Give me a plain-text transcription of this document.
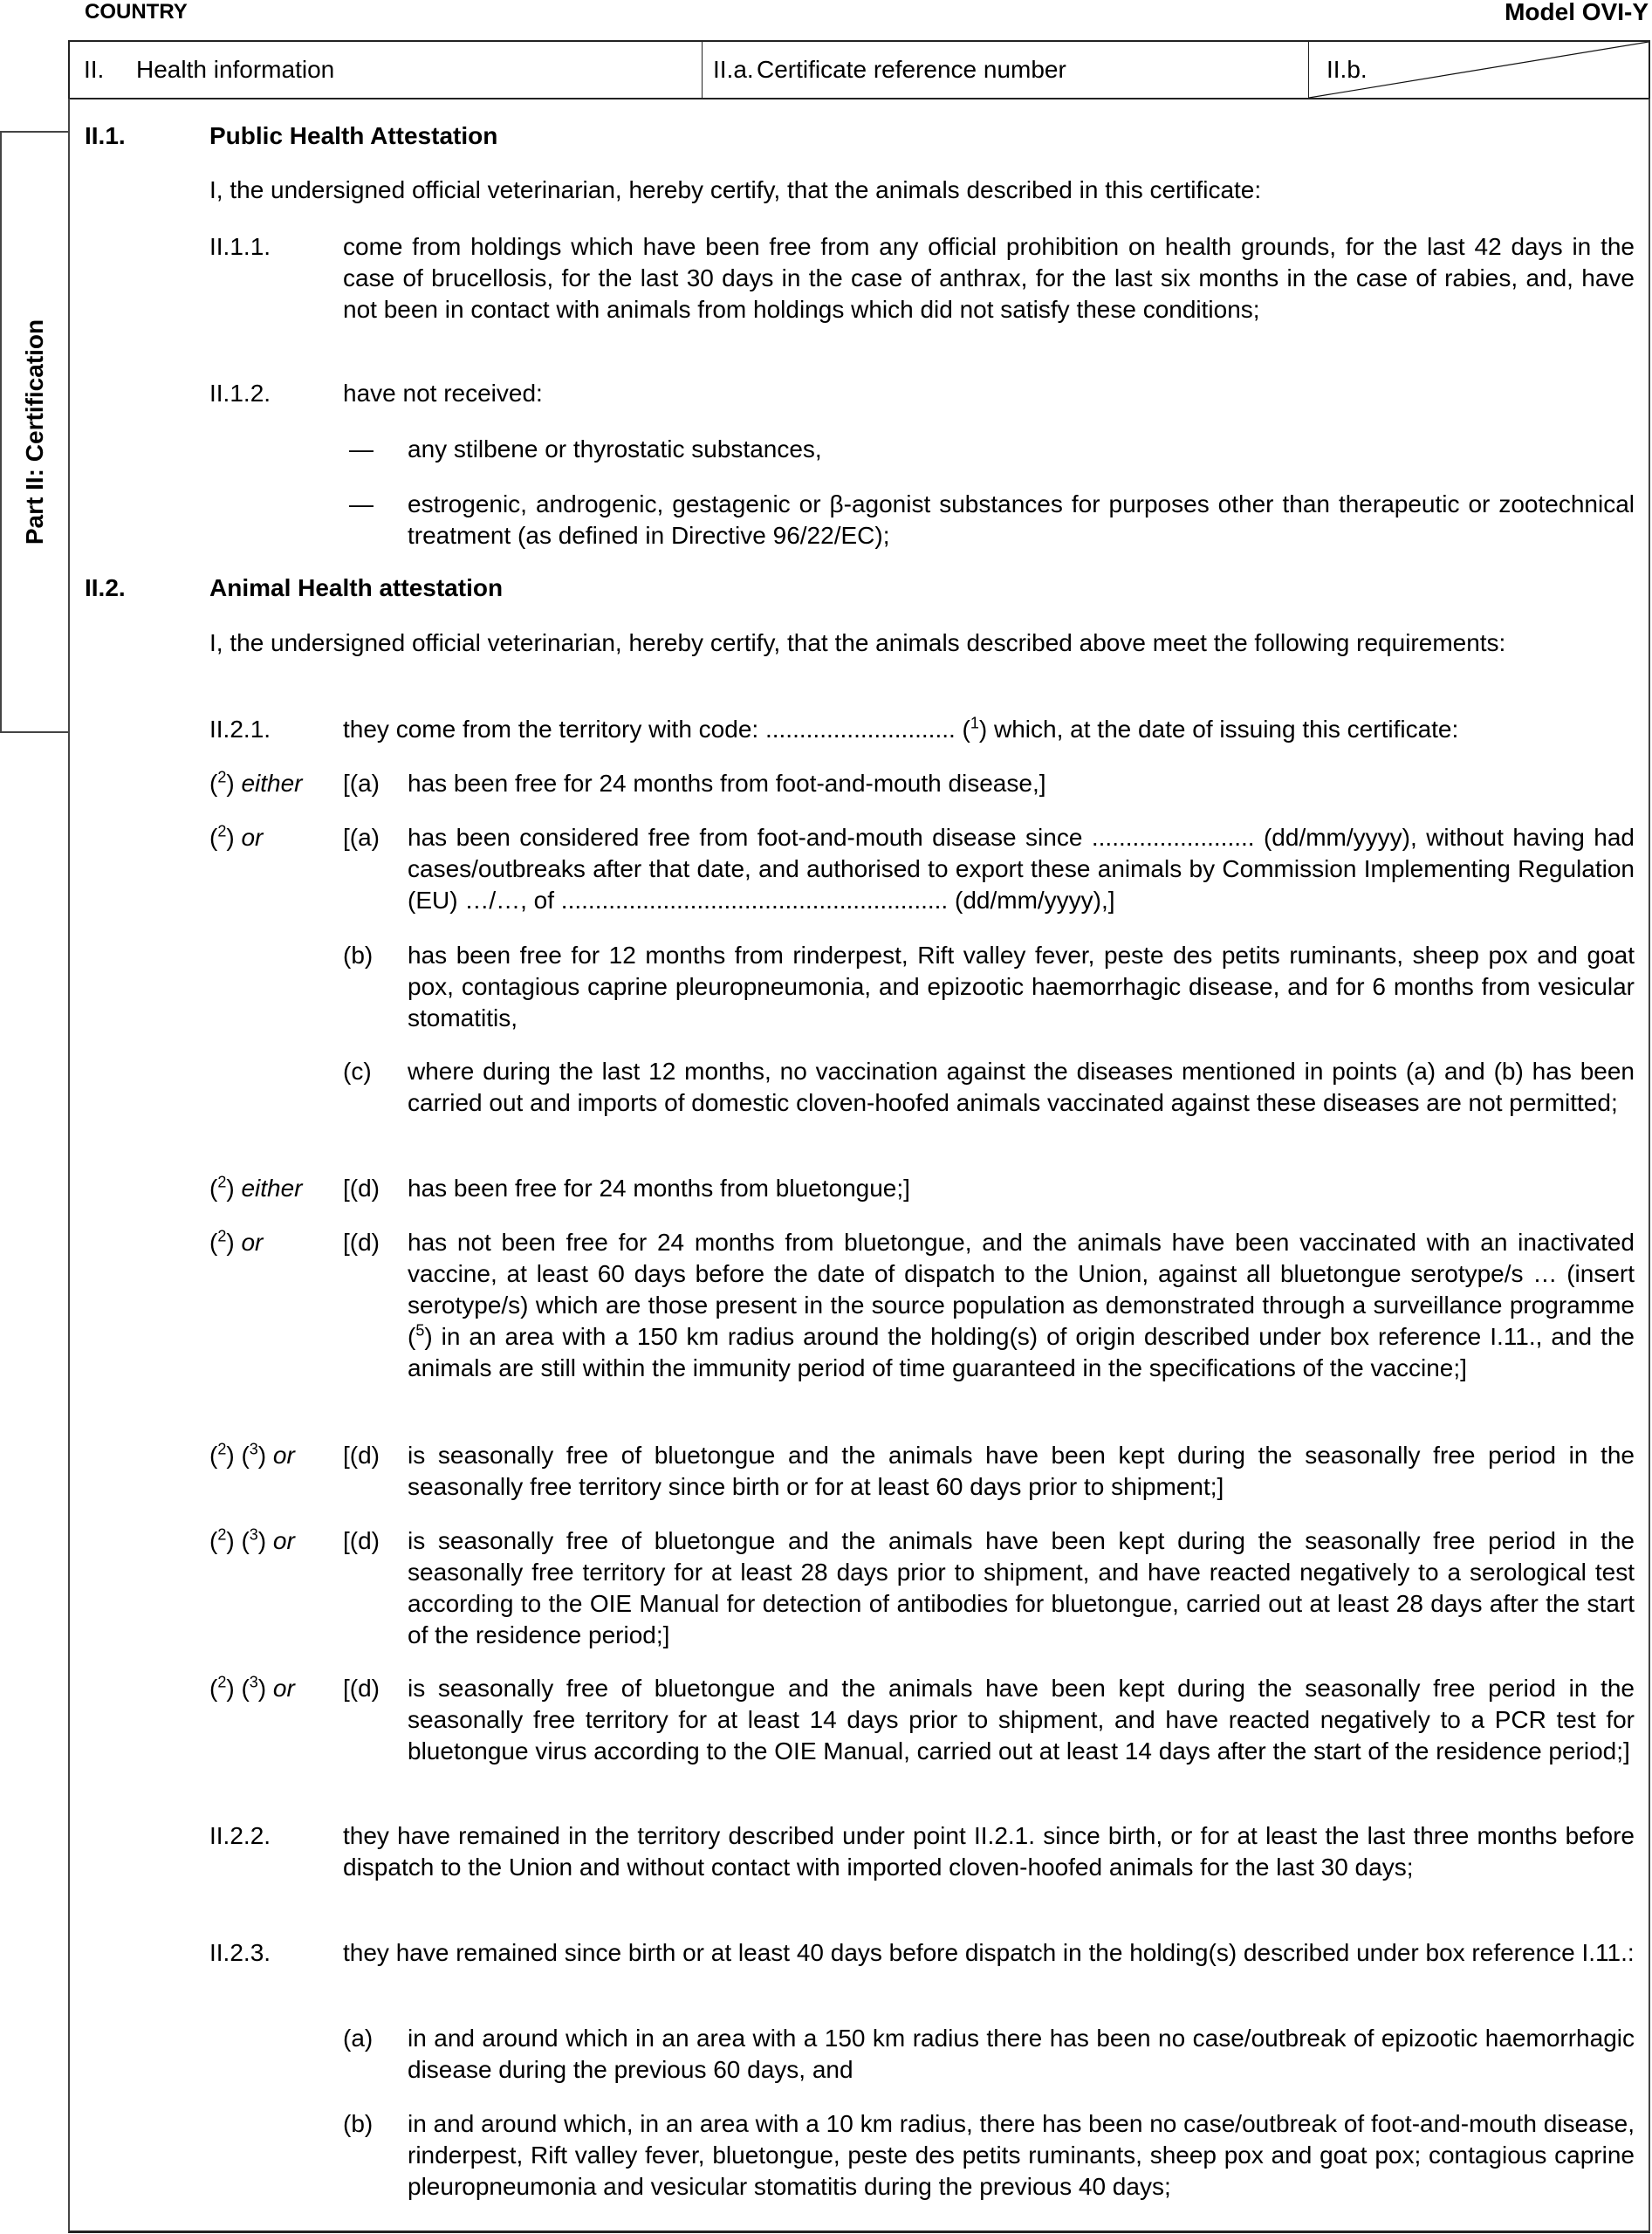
COUNTRY	Model OVI-Y
II.	Health information	II.a. Certificate reference number	II.b.
Part II: Certification
II.1.	Public Health Attestation
I, the undersigned official veterinarian, hereby certify, that the animals described in this certificate:
II.1.1.	come from holdings which have been free from any official prohibition on health grounds, for the last 42 days in the case of brucellosis, for the last 30 days in the case of anthrax, for the last six months in the case of rabies, and, have not been in contact with animals from holdings which did not satisfy these conditions;
II.1.2.	have not received:
— any stilbene or thyrostatic substances,
— estrogenic, androgenic, gestagenic or β-agonist substances for purposes other than therapeutic or zootechnical treatment (as defined in Directive 96/22/EC);
II.2.	Animal Health attestation
I, the undersigned official veterinarian, hereby certify, that the animals described above meet the following requirements:
II.2.1.	they come from the territory with code: ............................ ($^1$) which, at the date of issuing this certificate:
($^2$) either [(a) has been free for 24 months from foot-and-mouth disease,]
($^2$) or	[(a) has been considered free from foot-and-mouth disease since ........................ (dd/mm/yyyy), without having had cases/outbreaks after that date, and authorised to export these animals by Commission Implementing Regulation (EU) …/…, of ......................................................... (dd/mm/yyyy),]
(b) has been free for 12 months from rinderpest, Rift valley fever, peste des petits ruminants, sheep pox and goat pox, contagious caprine pleuropneumonia, and epizootic haemorrhagic disease, and for 6 months from vesicular stomatitis,
(c) where during the last 12 months, no vaccination against the diseases mentioned in points (a) and (b) has been carried out and imports of domestic cloven-hoofed animals vaccinated against these diseases are not permitted;
($^2$) either [(d) has been free for 24 months from bluetongue;]
($^2$) or	[(d) has not been free for 24 months from bluetongue, and the animals have been vaccinated with an inactivated vaccine, at least 60 days before the date of dispatch to the Union, against all bluetongue serotype/s … (insert serotype/s) which are those present in the source population as demonstrated through a surveillance programme ($^5$) in an area with a 150 km radius around the holding(s) of origin described under box reference I.11., and the animals are still within the immunity period of time guaranteed in the specifications of the vaccine;]
($^2$) ($^3$) or [(d) is seasonally free of bluetongue and the animals have been kept during the seasonally free period in the seasonally free territory since birth or for at least 60 days prior to shipment;]
($^2$) ($^3$) or [(d) is seasonally free of bluetongue and the animals have been kept during the seasonally free period in the seasonally free territory for at least 28 days prior to shipment, and have reacted negatively to a serological test according to the OIE Manual for detection of antibodies for bluetongue, carried out at least 28 days after the start of the residence period;]
($^2$) ($^3$) or [(d) is seasonally free of bluetongue and the animals have been kept during the seasonally free period in the seasonally free territory for at least 14 days prior to shipment, and have reacted negatively to a PCR test for bluetongue virus according to the OIE Manual, carried out at least 14 days after the start of the residence period;]
II.2.2.	they have remained in the territory described under point II.2.1. since birth, or for at least the last three months before dispatch to the Union and without contact with imported cloven-hoofed animals for the last 30 days;
II.2.3.	they have remained since birth or at least 40 days before dispatch in the holding(s) described under box reference I.11.:
(a) in and around which in an area with a 150 km radius there has been no case/outbreak of epizootic haemorrhagic disease during the previous 60 days, and
(b) in and around which, in an area with a 10 km radius, there has been no case/outbreak of foot-and-mouth disease, rinderpest, Rift valley fever, bluetongue, peste des petits ruminants, sheep pox and goat pox; contagious caprine pleuropneumonia and vesicular stomatitis during the previous 40 days;
